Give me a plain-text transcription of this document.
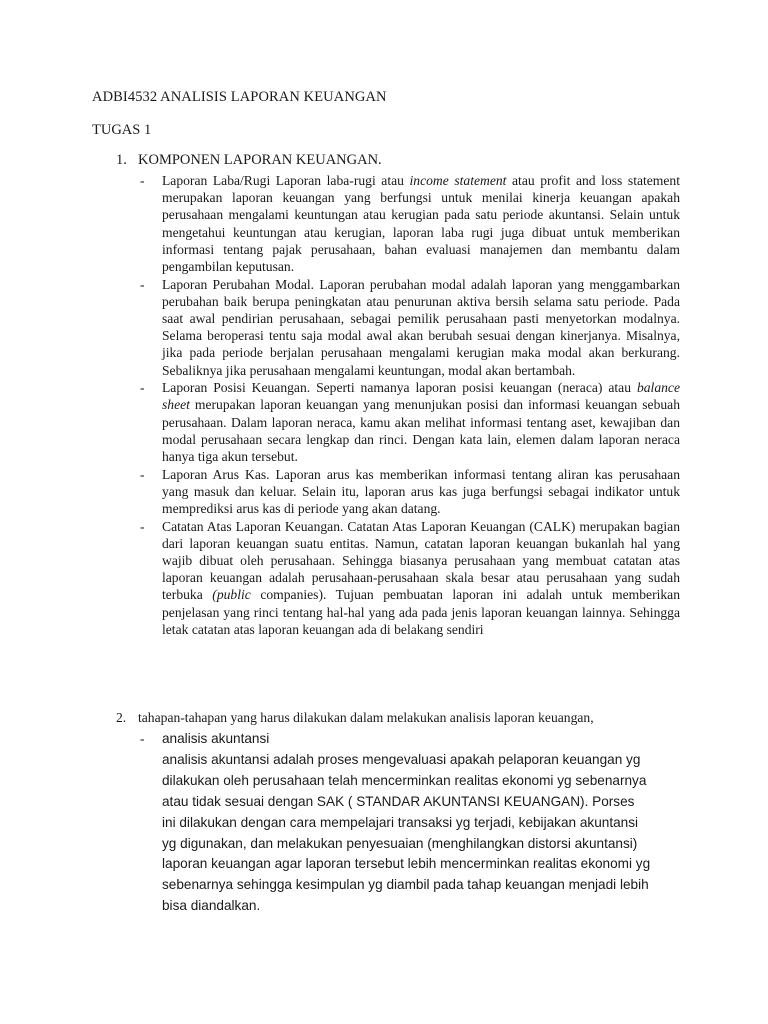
ADBI4532 ANALISIS LAPORAN KEUANGAN
TUGAS 1
1. KOMPONEN LAPORAN KEUANGAN.
- Laporan Laba/Rugi Laporan laba-rugi atau income statement atau profit and loss statement merupakan laporan keuangan yang berfungsi untuk menilai kinerja keuangan apakah perusahaan mengalami keuntungan atau kerugian pada satu periode akuntansi. Selain untuk mengetahui keuntungan atau kerugian, laporan laba rugi juga dibuat untuk memberikan informasi tentang pajak perusahaan, bahan evaluasi manajemen dan membantu dalam pengambilan keputusan.
- Laporan Perubahan Modal. Laporan perubahan modal adalah laporan yang menggambarkan perubahan baik berupa peningkatan atau penurunan aktiva bersih selama satu periode. Pada saat awal pendirian perusahaan, sebagai pemilik perusahaan pasti menyetorkan modalnya. Selama beroperasi tentu saja modal awal akan berubah sesuai dengan kinerjanya. Misalnya, jika pada periode berjalan perusahaan mengalami kerugian maka modal akan berkurang. Sebaliknya jika perusahaan mengalami keuntungan, modal akan bertambah.
- Laporan Posisi Keuangan. Seperti namanya laporan posisi keuangan (neraca) atau balance sheet merupakan laporan keuangan yang menunjukan posisi dan informasi keuangan sebuah perusahaan. Dalam laporan neraca, kamu akan melihat informasi tentang aset, kewajiban dan modal perusahaan secara lengkap dan rinci. Dengan kata lain, elemen dalam laporan neraca hanya tiga akun tersebut.
- Laporan Arus Kas. Laporan arus kas memberikan informasi tentang aliran kas perusahaan yang masuk dan keluar. Selain itu, laporan arus kas juga berfungsi sebagai indikator untuk memprediksi arus kas di periode yang akan datang.
- Catatan Atas Laporan Keuangan. Catatan Atas Laporan Keuangan (CALK) merupakan bagian dari laporan keuangan suatu entitas. Namun, catatan laporan keuangan bukanlah hal yang wajib dibuat oleh perusahaan. Sehingga biasanya perusahaan yang membuat catatan atas laporan keuangan adalah perusahaan-perusahaan skala besar atau perusahaan yang sudah terbuka (public companies). Tujuan pembuatan laporan ini adalah untuk memberikan penjelasan yang rinci tentang hal-hal yang ada pada jenis laporan keuangan lainnya. Sehingga letak catatan atas laporan keuangan ada di belakang sendiri
2. tahapan-tahapan yang harus dilakukan dalam melakukan analisis laporan keuangan,
-	analisis akuntansi
analisis akuntansi adalah proses mengevaluasi apakah pelaporan keuangan yg
dilakukan oleh perusahaan telah mencerminkan realitas ekonomi yg sebenarnya
atau tidak sesuai dengan SAK ( STANDAR AKUNTANSI KEUANGAN). Porses
ini dilakukan dengan cara mempelajari transaksi yg terjadi, kebijakan akuntansi
yg digunakan, dan melakukan penyesuaian (menghilangkan distorsi akuntansi)
laporan keuangan agar laporan tersebut lebih mencerminkan realitas ekonomi yg
sebenarnya sehingga kesimpulan yg diambil pada tahap keuangan menjadi lebih
bisa diandalkan.
